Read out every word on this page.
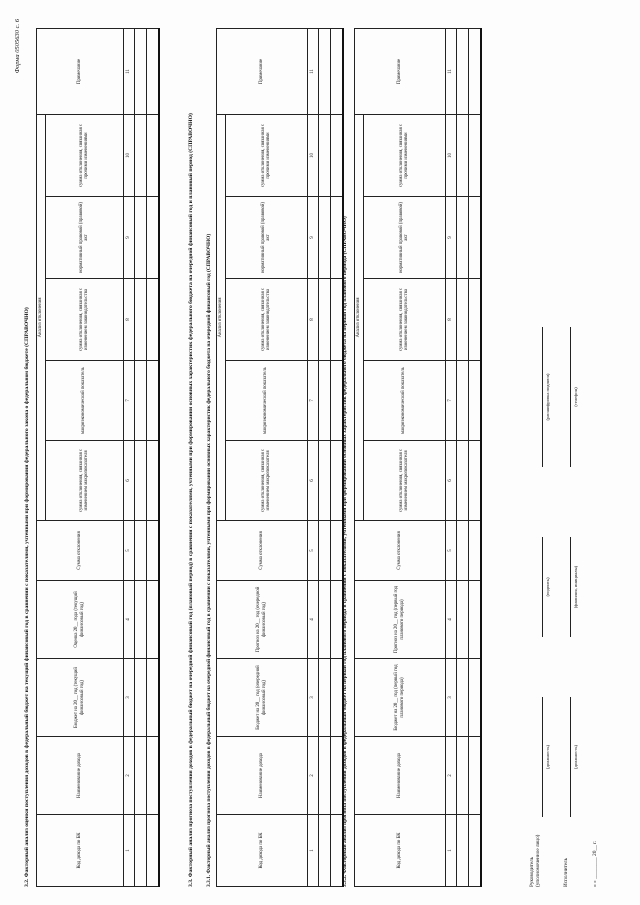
Форма 0505630 с. 6
3.2. Факторный анализ оценки поступления доходов в федеральный бюджет на текущий финансовый год в сравнении с показателями, учтенными при формировании федерального закона о федеральном бюджете (СПРАВОЧНО)	Код дохода по БК	Наименование дохода	Бюджет на 20__ год (текущий финансовый год)	Оценка 20__ года (текущий финансовый год)	Сумма отклонения	Анализ отклонения					Примечание
					сумма отклонения, связанная с изменением макропоказателя	макроэкономический показатель	сумма отклонения, связанная с изменением законодательства	нормативный правовой (правовой) акт	сумма отклонения, связанная с прочими изменениями	
1	2	3	4	5	6	7	8	9	10	11

3.3. Факторный анализ прогноза поступления доходов в федеральный бюджет на очередной финансовый год (плановый период) в сравнении с показателями, учтенными при формировании основных характеристик федерального бюджета на очередной финансовый год и плановый период (СПРАВОЧНО) 3.3.1. Факторный анализ прогноза поступления доходов в федеральный бюджет на очередной финансовый год в сравнении с показателями, учтенными при формировании основных характеристик федерального бюджета на очередной финансовый год (СПРАВОЧНО)	Код дохода по БК	Наименование дохода	Бюджет на 20__ год (очередной финансовый год)	Прогноз на 20__ год (очередной финансовый год)	Сумма отклонения	Анализ отклонения					Примечание
					сумма отклонения, связанная с изменением макропоказателя	макроэкономический показатель	сумма отклонения, связанная с изменением законодательства	нормативный правовой (правовой) акт	сумма отклонения, связанная с прочими изменениями	
1	2	3	4	5	6	7	8	9	10	11

3.3.2. Факторный анализ прогноза поступления доходов в федеральный бюджет на первый год планового периода в сравнении с показателями, учтенными при формировании основных характеристик федерального бюджета на первый год планового периода (СПРАВОЧНО)	Код дохода по БК	Наименование дохода	Бюджет на 20__ год (первый год планового периода)	Прогноз на 20__ год (первый год планового периода)	Сумма отклонения	Анализ отклонения					Примечание
					сумма отклонения, связанная с изменением макропоказателя	макроэкономический показатель	сумма отклонения, связанная с изменением законодательства	нормативный правовой (правовой) акт	сумма отклонения, связанная с прочими изменениями	
1	2	3	4	5	6	7	8	9	10	11

Руководитель (уполномоченное лицо)
(должность)
(подпись)
(расшифровка подписи)
Исполнитель
(должность)
(фамилия, инициалы)
(телефон)
« » ________ 20__ г.
